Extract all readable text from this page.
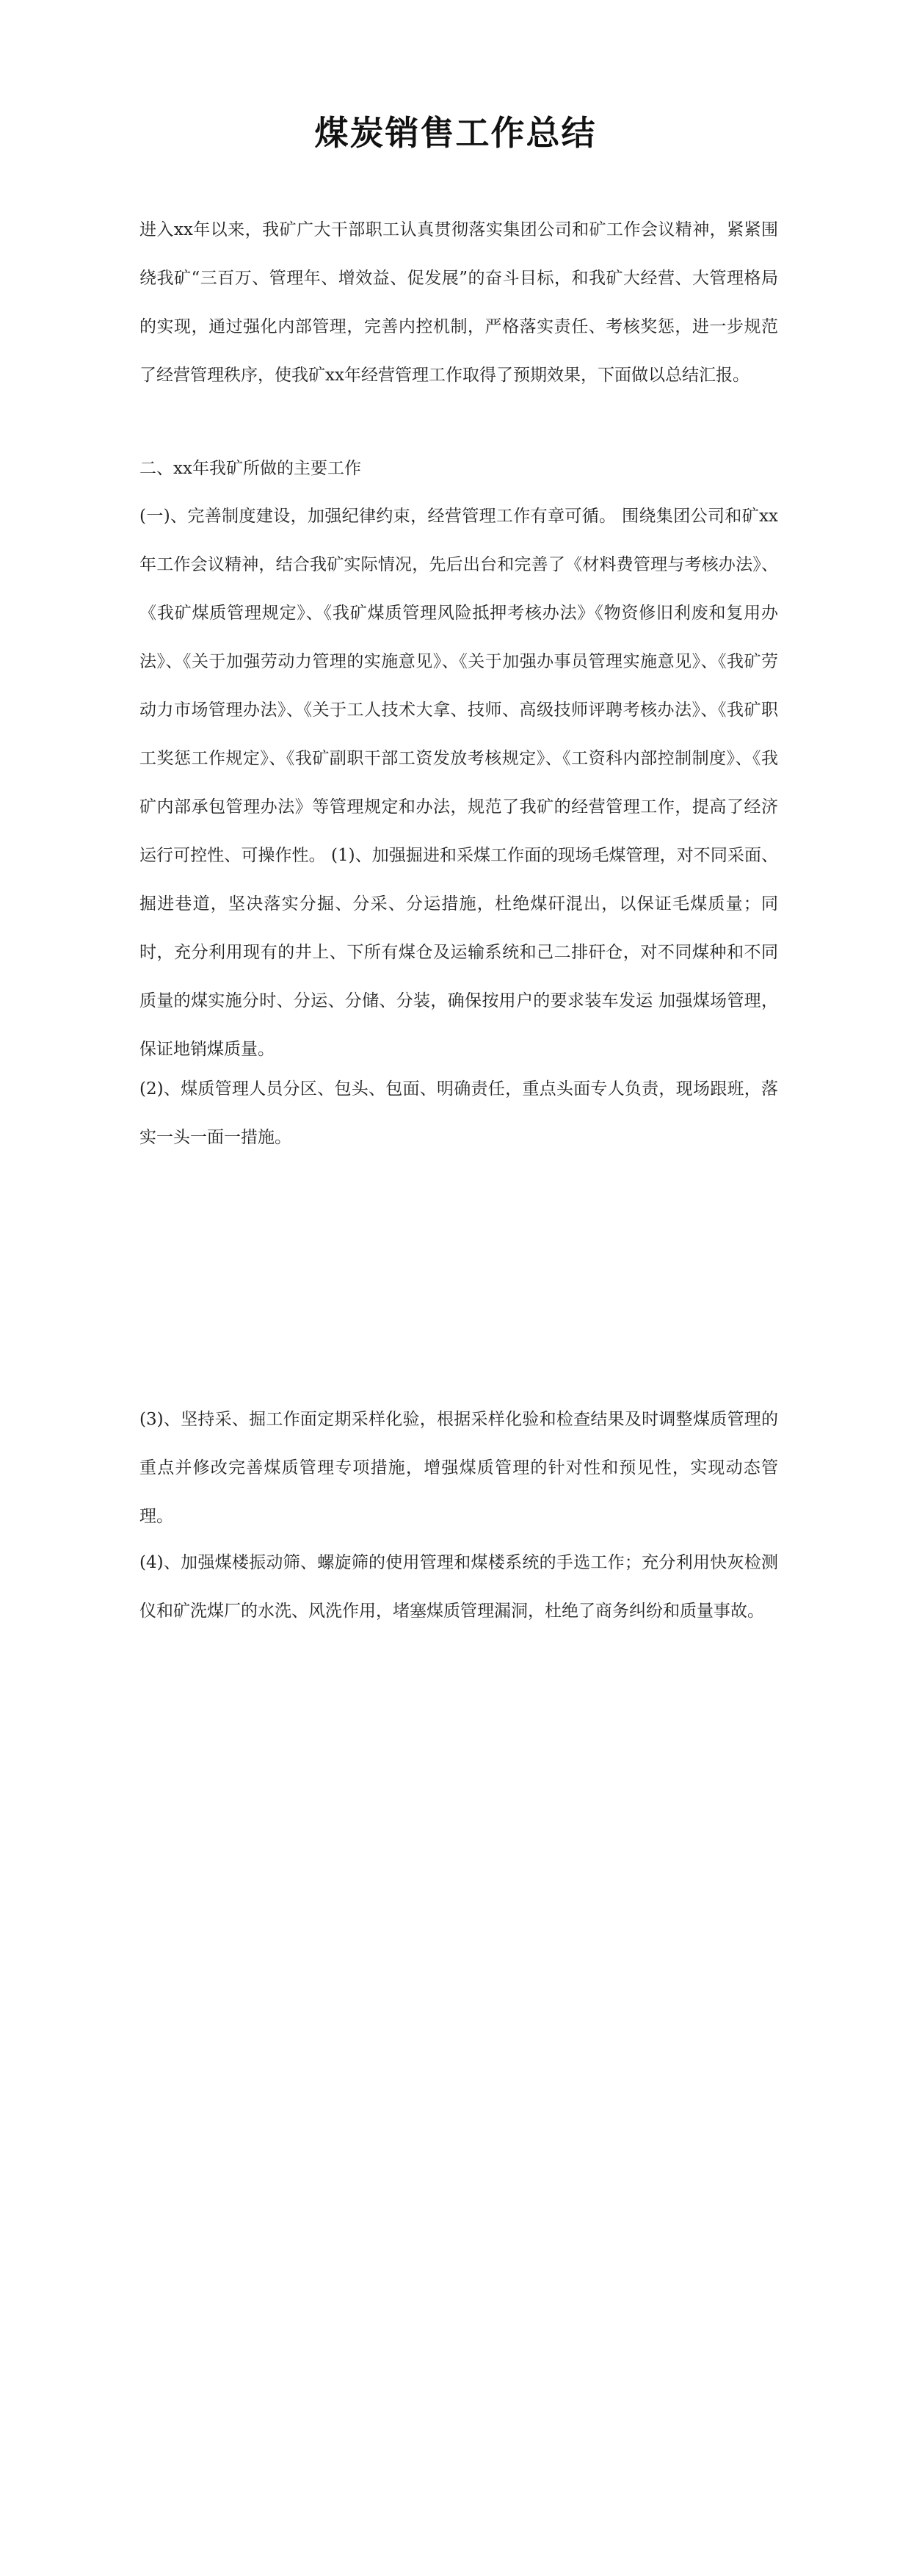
煤炭销售工作总结

进入xx年以来，我矿广大干部职工认真贯彻落实集团公司和矿工作会议精神，紧紧围绕我矿“三百万、管理年、增效益、促发展”的奋斗目标，和我矿大经营、大管理格局的实现，通过强化内部管理，完善内控机制，严格落实责任、考核奖惩，进一步规范了经营管理秩序，使我矿xx年经营管理工作取得了预期效果，下面做以总结汇报。

二、xx年我矿所做的主要工作

(一)、完善制度建设，加强纪律约束，经营管理工作有章可循。 围绕集团公司和矿xx年工作会议精神，结合我矿实际情况，先后出台和完善了《材料费管理与考核办法》、《我矿煤质管理规定》、《我矿煤质管理风险抵押考核办法》《物资修旧利废和复用办法》、《关于加强劳动力管理的实施意见》、《关于加强办事员管理实施意见》、《我矿劳动力市场管理办法》、《关于工人技术大拿、技师、高级技师评聘考核办法》、《我矿职工奖惩工作规定》、《我矿副职干部工资发放考核规定》、《工资科内部控制制度》、《我矿内部承包管理办法》等管理规定和办法，规范了我矿的经营管理工作，提高了经济运行可控性、可操作性。 (1)、加强掘进和采煤工作面的现场毛煤管理，对不同采面、掘进巷道，坚决落实分掘、分采、分运措施，杜绝煤矸混出，以保证毛煤质量；同时，充分利用现有的井上、下所有煤仓及运输系统和己二排矸仓，对不同煤种和不同质量的煤实施分时、分运、分储、分装，确保按用户的要求装车发运 加强煤场管理，保证地销煤质量。

(2)、煤质管理人员分区、包头、包面、明确责任，重点头面专人负责，现场跟班，落实一头一面一措施。

(3)、坚持采、掘工作面定期采样化验，根据采样化验和检查结果及时调整煤质管理的重点并修改完善煤质管理专项措施，增强煤质管理的针对性和预见性，实现动态管理。

(4)、加强煤楼振动筛、螺旋筛的使用管理和煤楼系统的手选工作；充分利用快灰检测仪和矿洗煤厂的水洗、风洗作用，堵塞煤质管理漏洞，杜绝了商务纠纷和质量事故。
